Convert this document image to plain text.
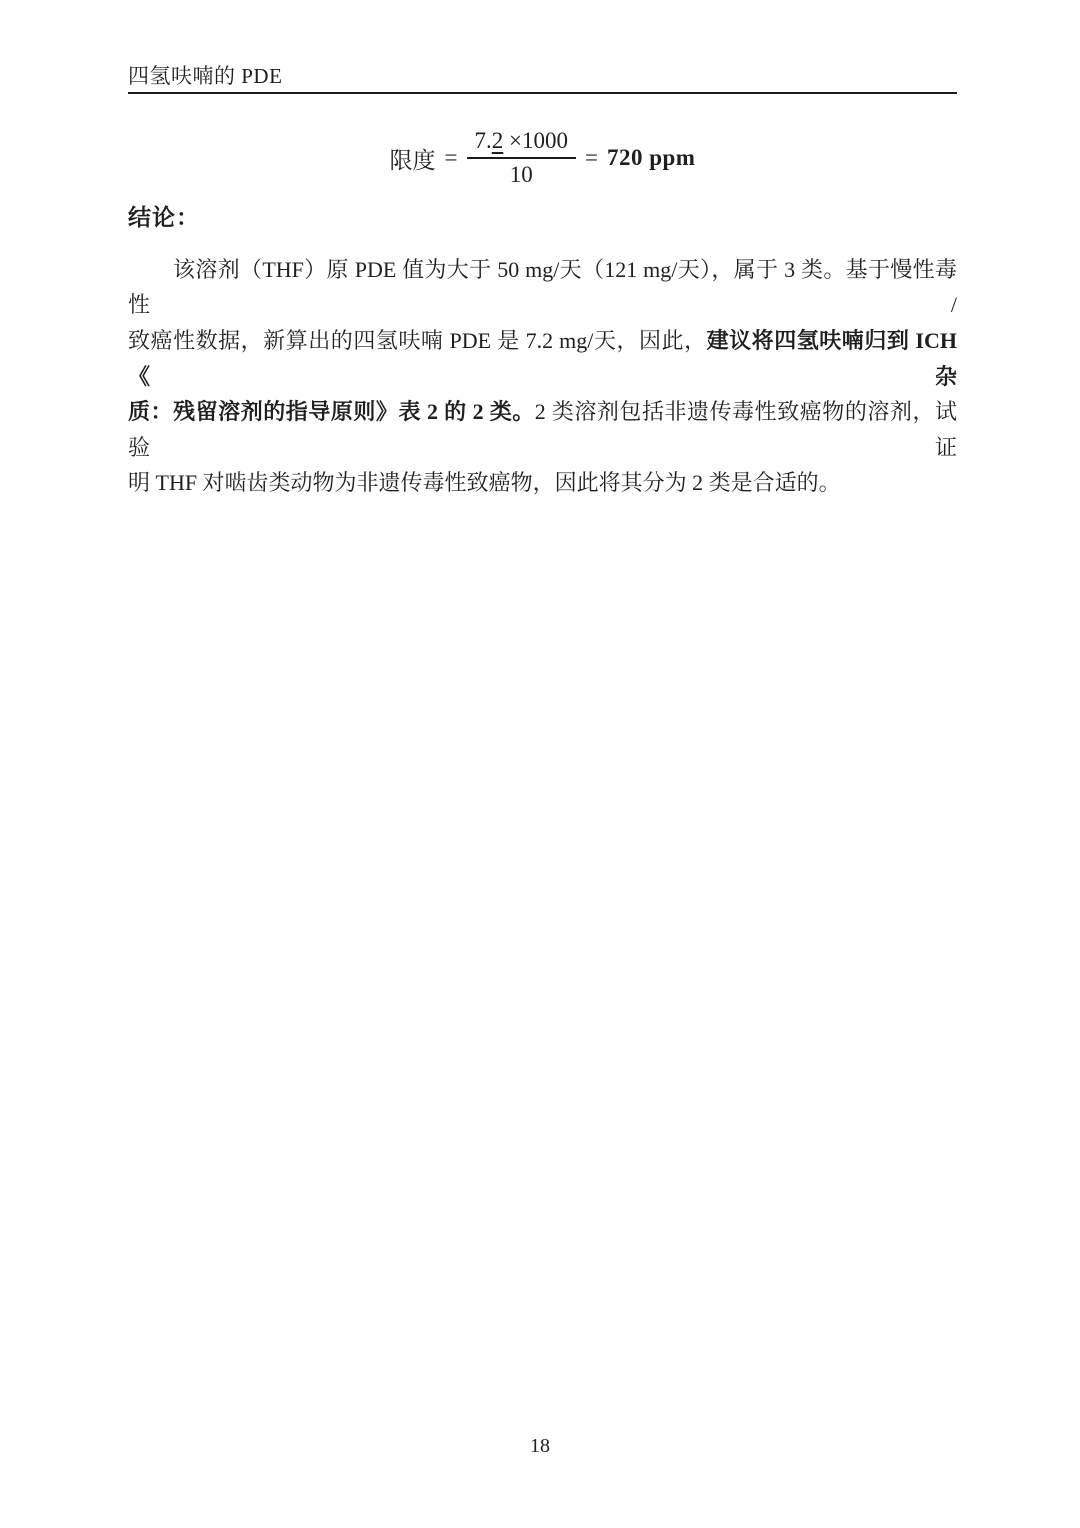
四氢呋喃的 PDE
限度 = $\frac{7.2 \times 1000}{10} = 720$ ppm
结论：
该溶剂（THF）原 PDE 值为大于 50 mg/天（121 mg/天），属于 3 类。基于慢性毒性/
致癌性数据，新算出的四氢呋喃 PDE 是 7.2 mg/天，因此，建议将四氢呋喃归到 ICH 《杂
质：残留溶剂的指导原则》表 2 的 2 类。2 类溶剂包括非遗传毒性致癌物的溶剂，试验证
明 THF 对啮齿类动物为非遗传毒性致癌物，因此将其分为 2 类是合适的。
18
